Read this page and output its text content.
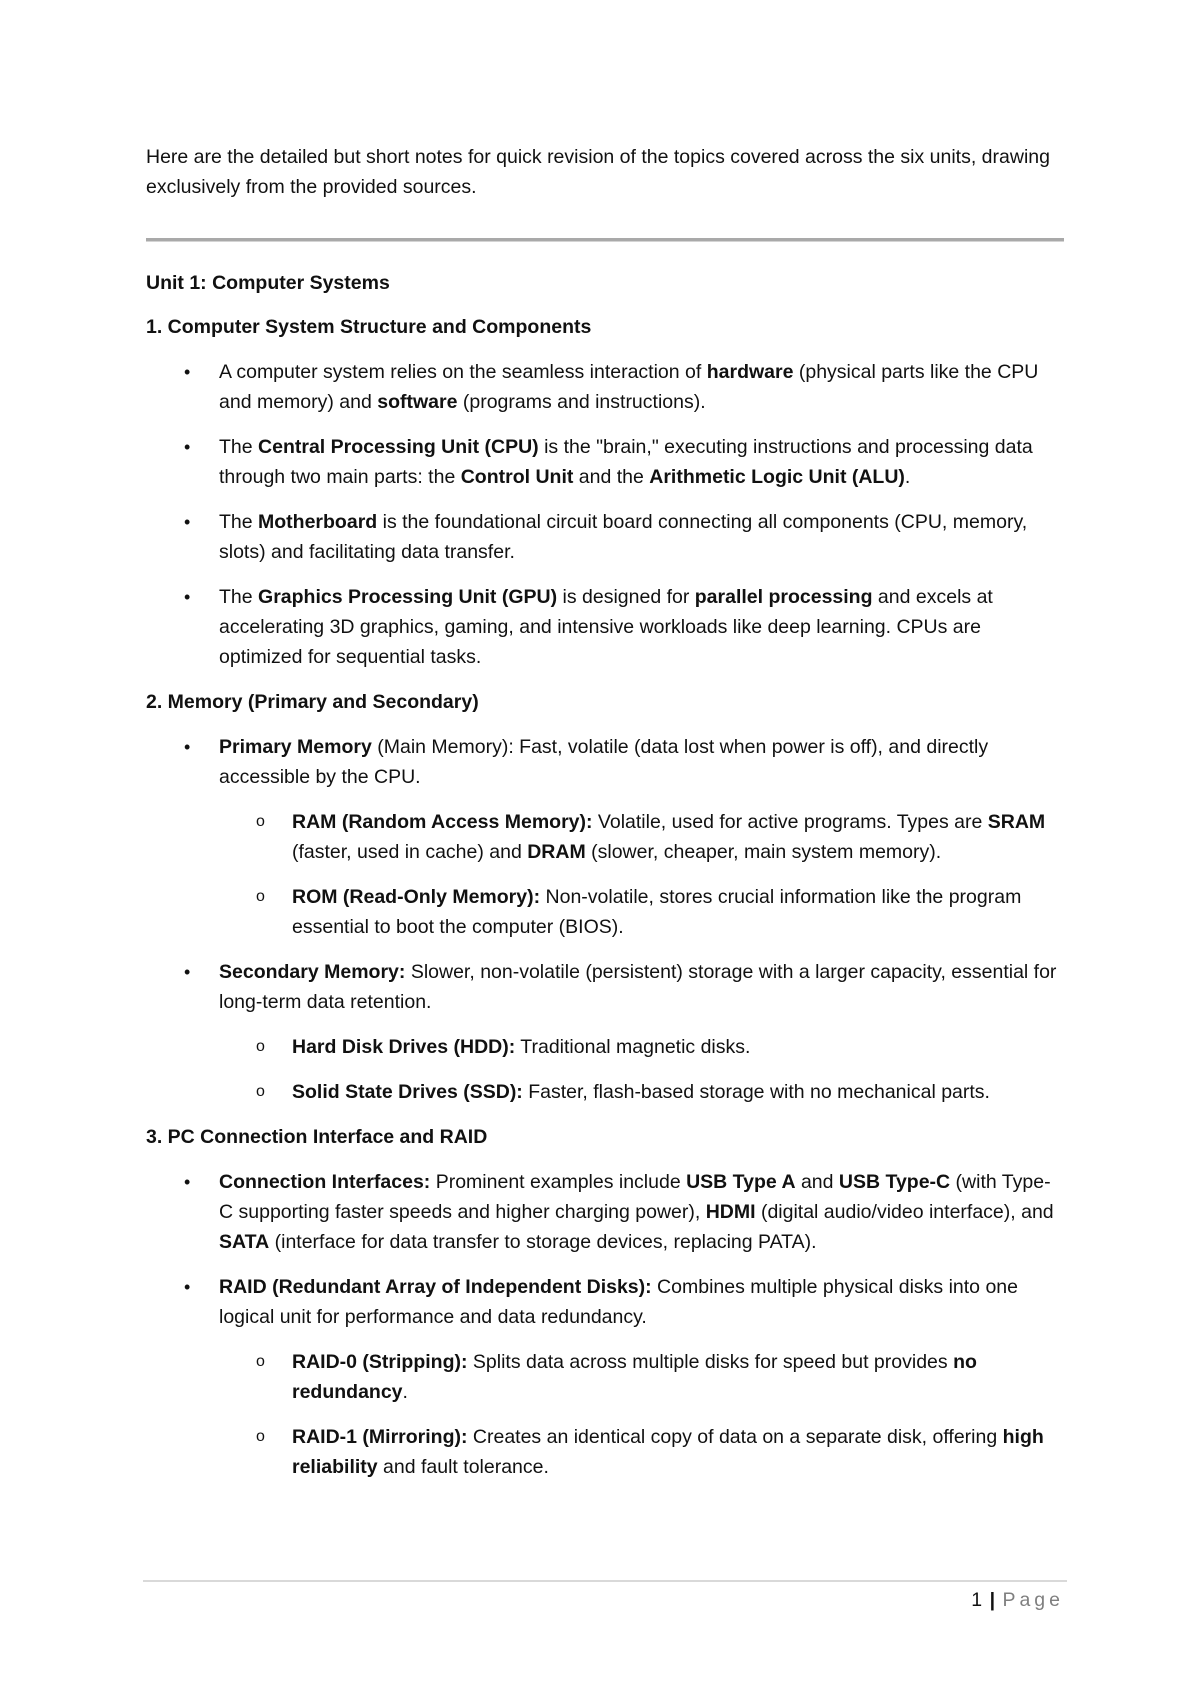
Here are the detailed but short notes for quick revision of the topics covered across the six units, drawing exclusively from the provided sources.

Unit 1: Computer Systems

1. Computer System Structure and Components

• A computer system relies on the seamless interaction of hardware (physical parts like the CPU and memory) and software (programs and instructions).

• The Central Processing Unit (CPU) is the "brain," executing instructions and processing data through two main parts: the Control Unit and the Arithmetic Logic Unit (ALU).

• The Motherboard is the foundational circuit board connecting all components (CPU, memory, slots) and facilitating data transfer.

• The Graphics Processing Unit (GPU) is designed for parallel processing and excels at accelerating 3D graphics, gaming, and intensive workloads like deep learning. CPUs are optimized for sequential tasks.

2. Memory (Primary and Secondary)

• Primary Memory (Main Memory): Fast, volatile (data lost when power is off), and directly accessible by the CPU.

o RAM (Random Access Memory): Volatile, used for active programs. Types are SRAM (faster, used in cache) and DRAM (slower, cheaper, main system memory).

o ROM (Read-Only Memory): Non-volatile, stores crucial information like the program essential to boot the computer (BIOS).

• Secondary Memory: Slower, non-volatile (persistent) storage with a larger capacity, essential for long-term data retention.

o Hard Disk Drives (HDD): Traditional magnetic disks.

o Solid State Drives (SSD): Faster, flash-based storage with no mechanical parts.

3. PC Connection Interface and RAID

• Connection Interfaces: Prominent examples include USB Type A and USB Type-C (with Type-C supporting faster speeds and higher charging power), HDMI (digital audio/video interface), and SATA (interface for data transfer to storage devices, replacing PATA).

• RAID (Redundant Array of Independent Disks): Combines multiple physical disks into one logical unit for performance and data redundancy.

o RAID-0 (Stripping): Splits data across multiple disks for speed but provides no redundancy.

o RAID-1 (Mirroring): Creates an identical copy of data on a separate disk, offering high reliability and fault tolerance.

1 | Page
